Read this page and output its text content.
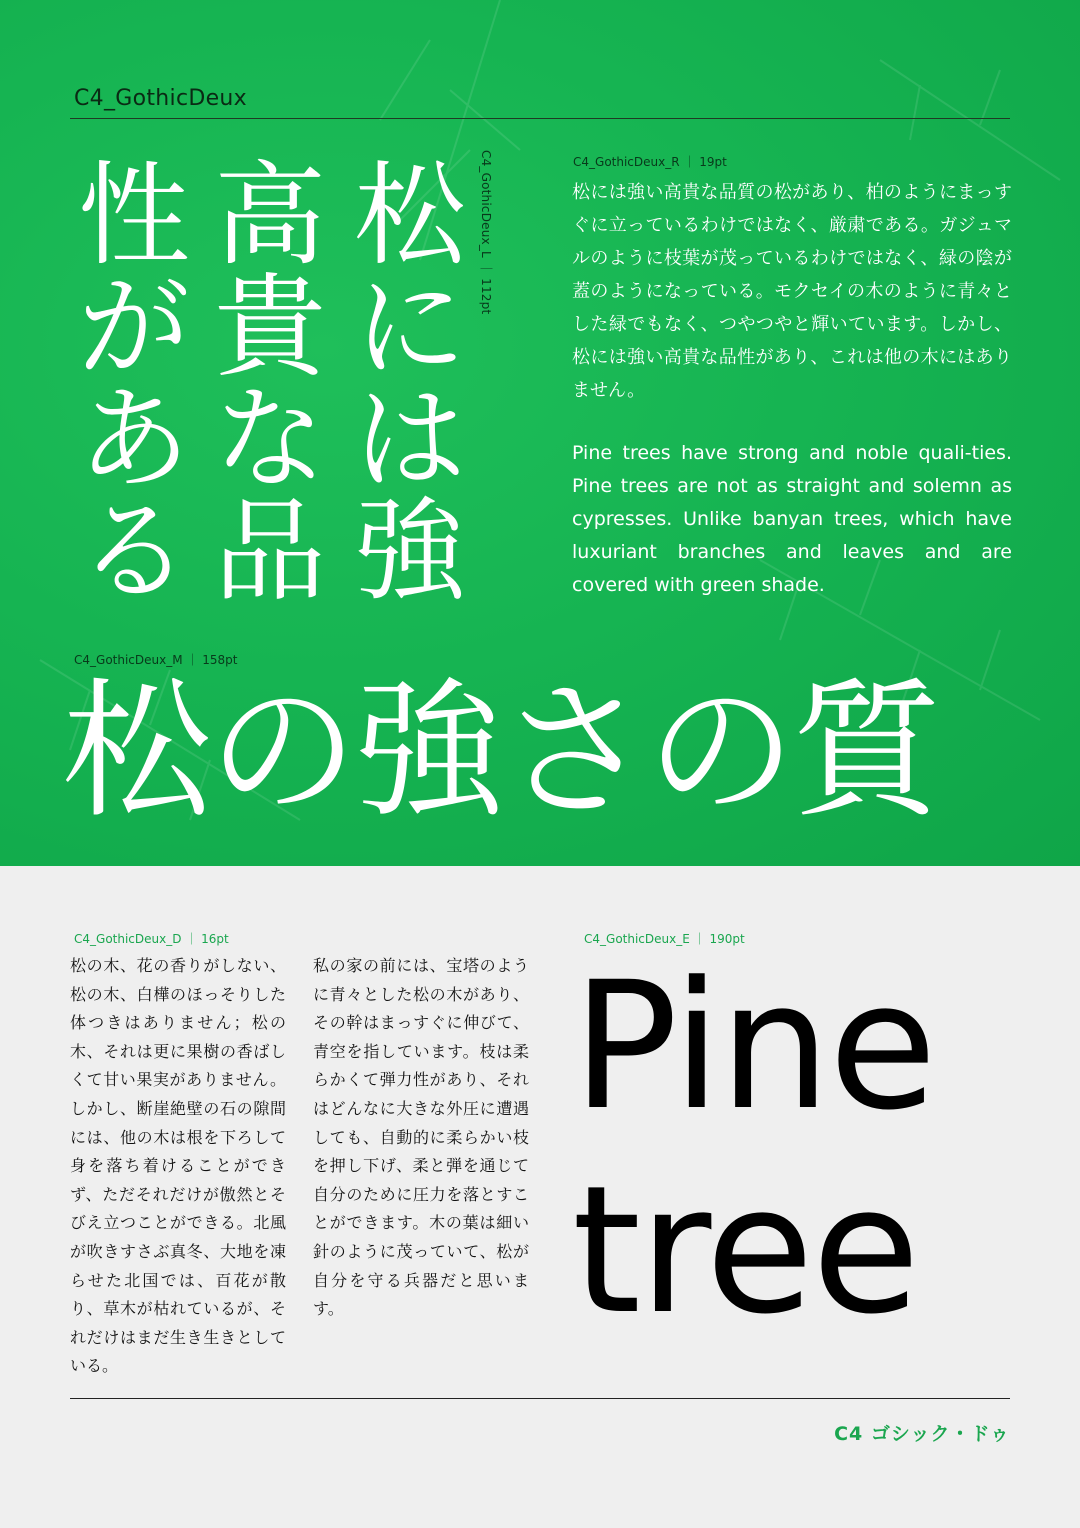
C4_GothicDeux
松
に
は
強
高
貴
な
品
性
が
あ
る
C4_GothicDeux_L ｜ 112pt	C4_GothicDeux_R ｜ 19pt
松には強い高貴な品質の松があり、柏のようにまっすぐに立っているわけではなく、厳粛である。ガジュマルのように枝葉が茂っているわけではなく、緑の陰が蓋のようになっている。モクセイの木のように青々とした緑でもなく、つやつやと輝いています。しかし、松には強い高貴な品性があり、これは他の木にはありません。
Pine trees have strong and noble quali-ties. Pine trees are not as straight and solemn as cypresses. Unlike banyan trees, which have luxuriant branches and leaves and are covered with green shade.
C4_GothicDeux_M ｜ 158pt
松の強さの質
C4_GothicDeux_D ｜ 16pt
松の木、花の香りがしない、松の木、白樺のほっそりした体つきはありません；松の木、それは更に果樹の香ばしくて甘い果実がありません。しかし、断崖絶壁の石の隙間には、他の木は根を下ろして身を落ち着けることができず、ただそれだけが傲然とそびえ立つことができる。北風が吹きすさぶ真冬、大地を凍らせた北国では、百花が散り、草木が枯れているが、それだけはまだ生き生きとしている。
私の家の前には、宝塔のように青々とした松の木があり、その幹はまっすぐに伸びて、青空を指しています。枝は柔らかくて弾力性があり、それはどんなに大きな外圧に遭遇しても、自動的に柔らかい枝を押し下げ、柔と弾を通じて自分のために圧力を落とすことができます。木の葉は細い針のように茂っていて、松が自分を守る兵器だと思います。
C4_GothicDeux_E ｜ 190pt
Pine
tree
C4 ゴシック・ドゥ
